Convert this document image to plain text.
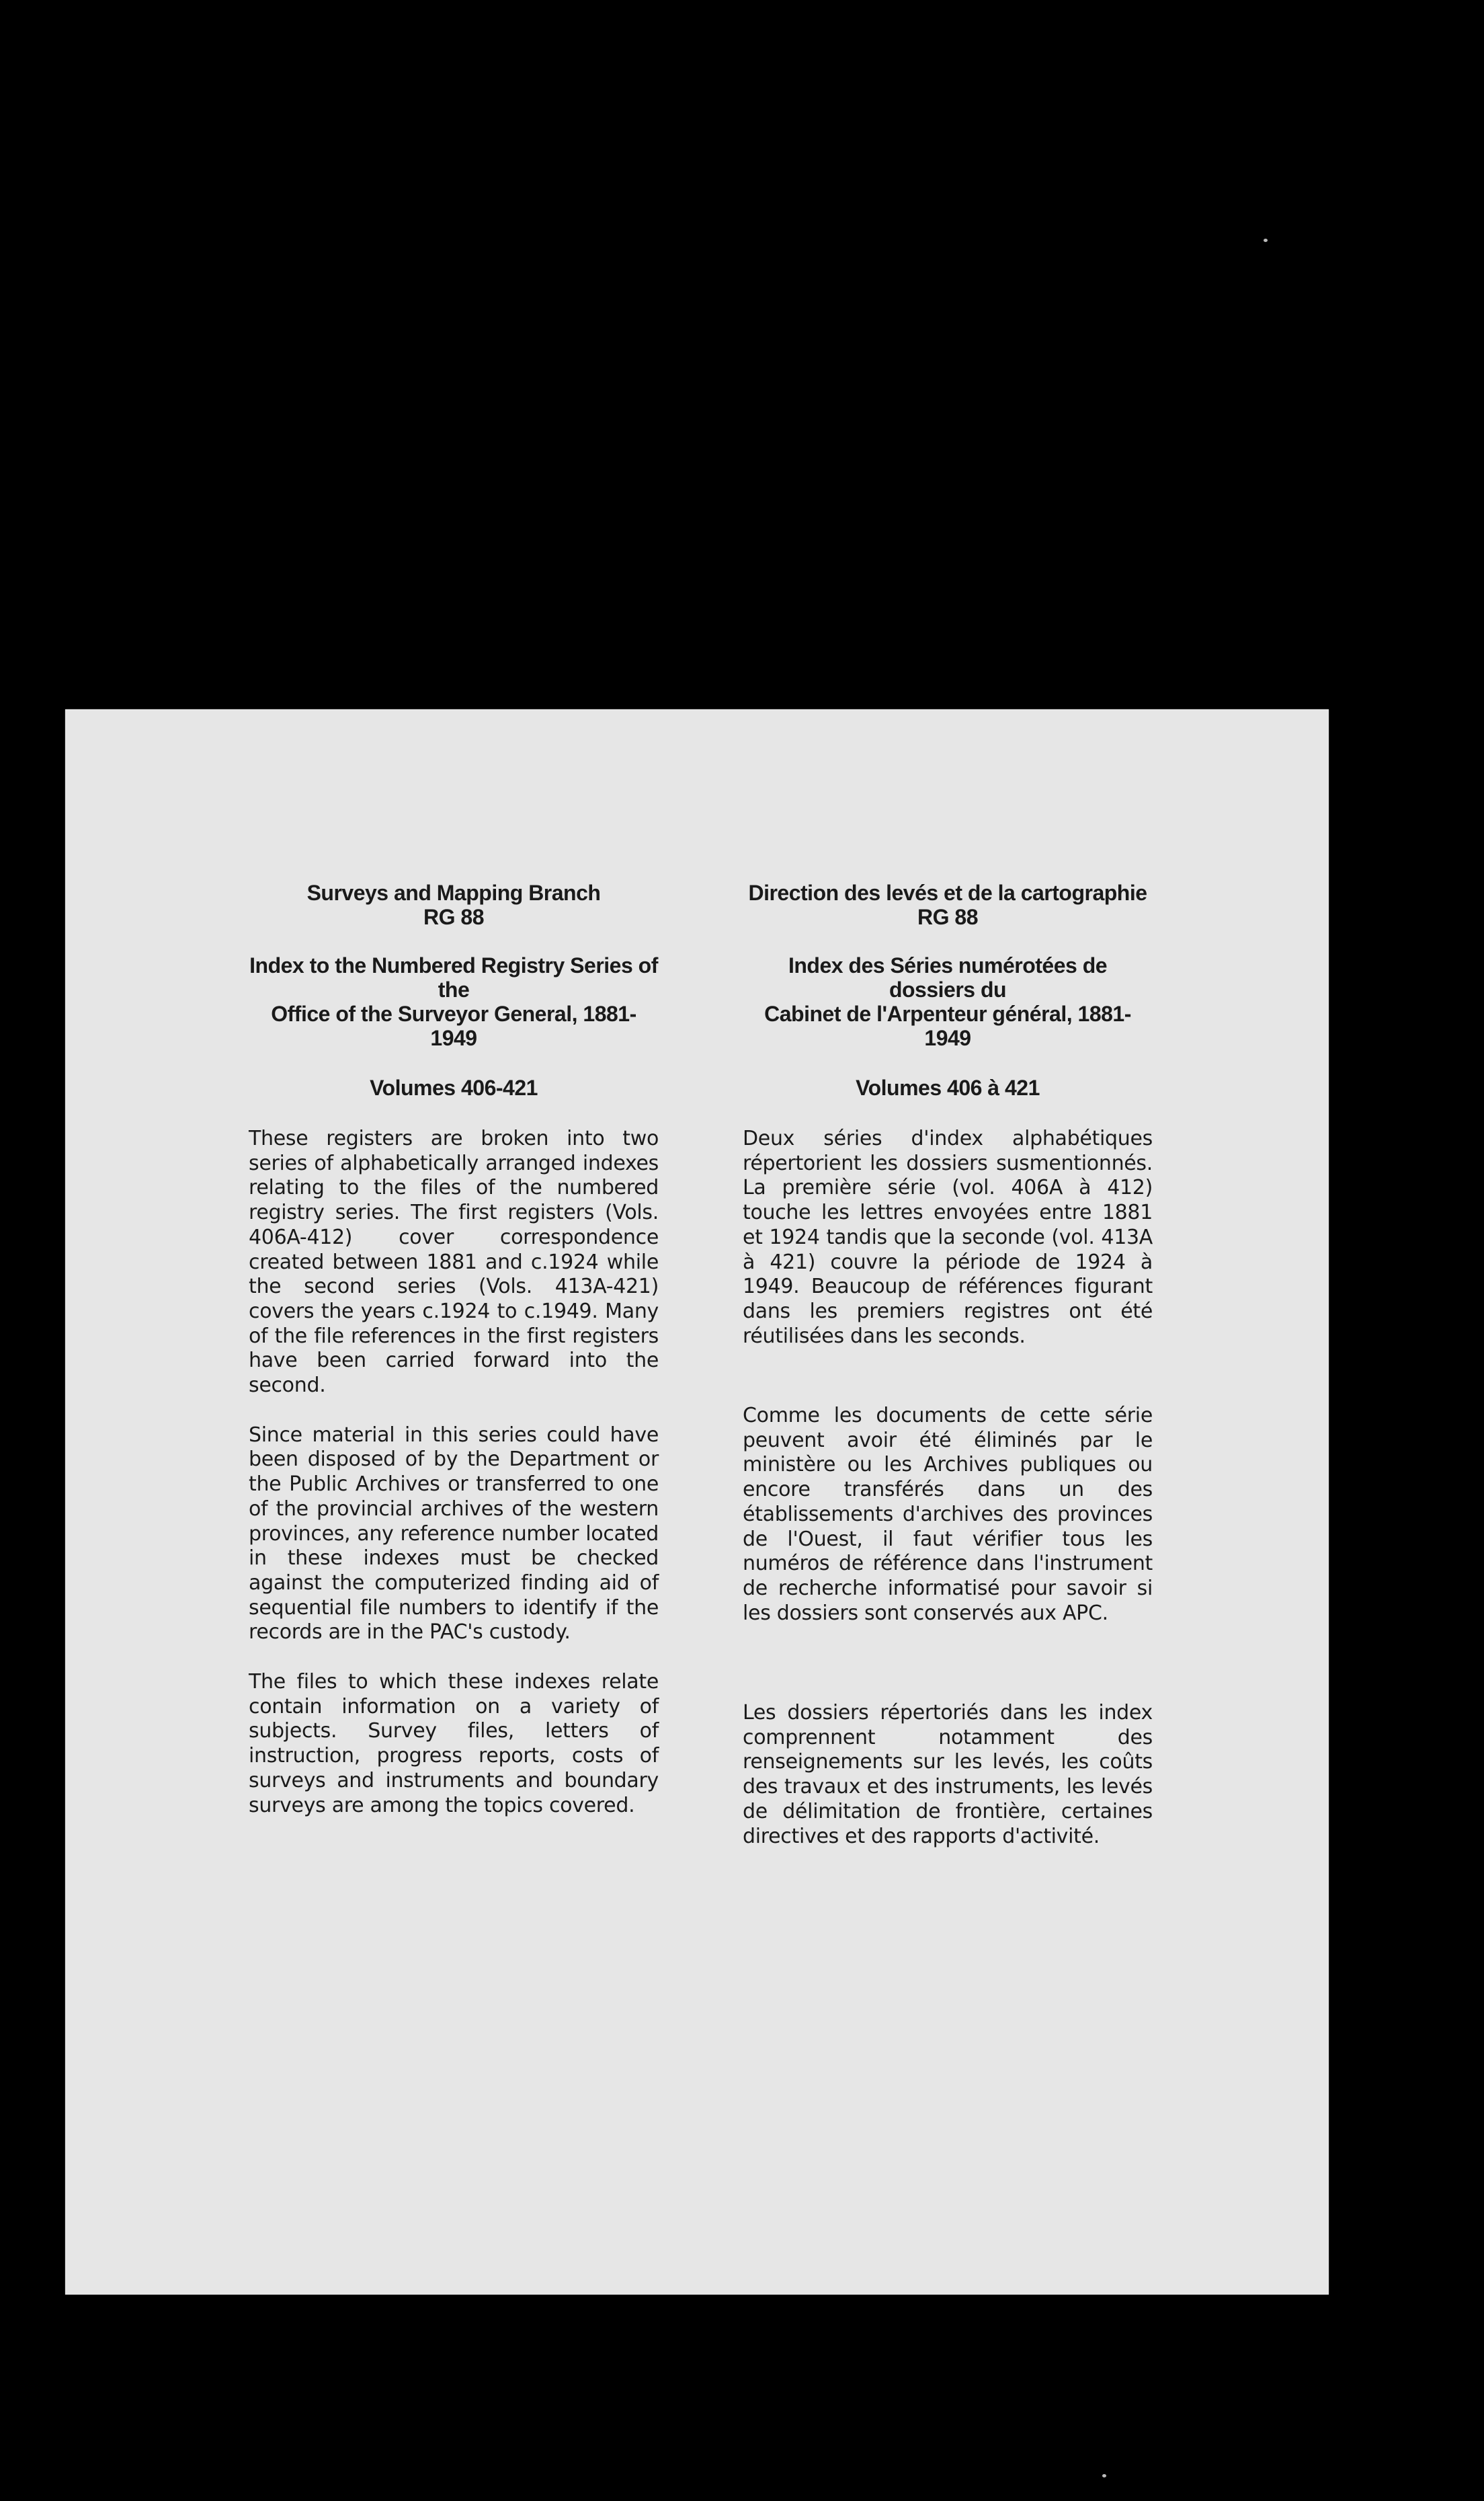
Surveys and Mapping Branch

RG 88

Index to the Numbered Registry Series of the

Office of the Surveyor General, 1881-1949

Volumes 406-421

These registers are broken into two series of alphabetically arranged indexes relating to the files of the numbered registry series. The first registers (Vols. 406A-412) cover correspondence created between 1881 and c.1924 while the second series (Vols. 413A-421) covers the years c.1924 to c.1949. Many of the file references in the first registers have been carried forward into the second.

Since material in this series could have been disposed of by the Department or the Public Archives or transferred to one of the provincial archives of the western provinces, any reference number located in these indexes must be checked against the computerized finding aid of sequential file numbers to identify if the records are in the PAC's custody.

The files to which these indexes relate contain information on a variety of subjects. Survey files, letters of instruction, progress reports, costs of surveys and instruments and boundary surveys are among the topics covered.

Direction des levés et de la cartographie

RG 88

Index des Séries numérotées de dossiers du

Cabinet de l'Arpenteur général, 1881-1949

Volumes 406 à 421

Deux séries d'index alphabétiques répertorient les dossiers susmentionnés. La première série (vol. 406A à 412) touche les lettres envoyées entre 1881 et 1924 tandis que la seconde (vol. 413A à 421) couvre la période de 1924 à 1949. Beaucoup de références figurant dans les premiers registres ont été réutilisées dans les seconds.

Comme les documents de cette série peuvent avoir été éliminés par le ministère ou les Archives publiques ou encore transférés dans un des établissements d'archives des provinces de l'Ouest, il faut vérifier tous les numéros de référence dans l'instrument de recherche informatisé pour savoir si les dossiers sont conservés aux APC.

Les dossiers répertoriés dans les index comprennent notamment des renseignements sur les levés, les coûts des travaux et des instruments, les levés de délimitation de frontière, certaines directives et des rapports d'activité.
